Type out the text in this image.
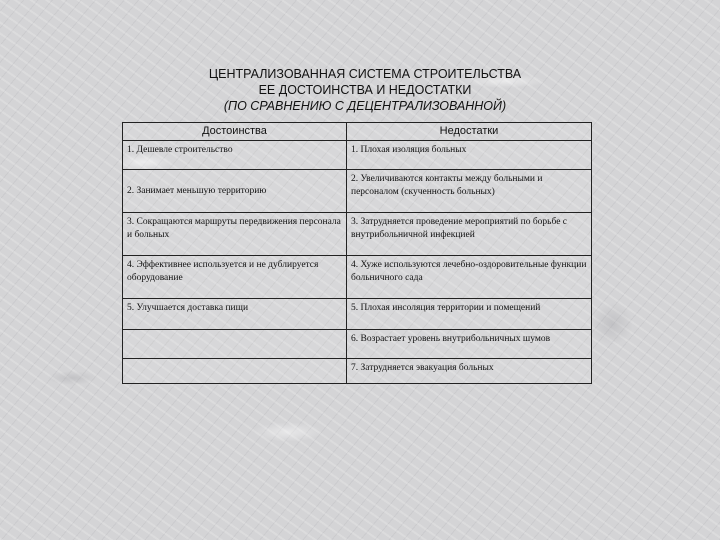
ЦЕНТРАЛИЗОВАННАЯ СИСТЕМА СТРОИТЕЛЬСТВА
ЕЕ ДОСТОИНСТВА И НЕДОСТАТКИ
(ПО СРАВНЕНИЮ С ДЕЦЕНТРАЛИЗОВАННОЙ)
Достоинства	Недостатки
1. Дешевле строительство	1. Плохая изоляция больных
2. Занимает меньшую территорию	2. Увеличиваются контакты между больными и персоналом (скученность больных)
3. Сокращаются маршруты передвижения персонала и больных	3. Затрудняется проведение мероприятий по борьбе с внутрибольничной инфекцией
4. Эффективнее используется и не дублируется оборудование	4. Хуже используются лечебно-оздоровительные функции больничного сада
5. Улучшается доставка пищи	5. Плохая инсоляция территории и помещений
	6. Возрастает уровень внутрибольничных шумов
	7. Затрудняется эвакуация больных
